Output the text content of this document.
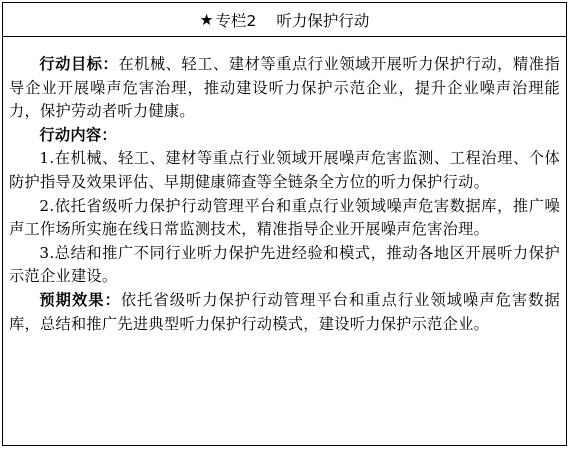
★ 专栏2 听力保护行动

行动目标：在机械、轻工、建材等重点行业领域开展听力保护行动，精准指导企业开展噪声危害治理，推动建设听力保护示范企业，提升企业噪声治理能力，保护劳动者听力健康。

行动内容：

1.在机械、轻工、建材等重点行业领域开展噪声危害监测、工程治理、个体防护指导及效果评估、早期健康筛查等全链条全方位的听力保护行动。

2.依托省级听力保护行动管理平台和重点行业领域噪声危害数据库，推广噪声工作场所实施在线日常监测技术，精准指导企业开展噪声危害治理。

3.总结和推广不同行业听力保护先进经验和模式，推动各地区开展听力保护示范企业建设。

预期效果：依托省级听力保护行动管理平台和重点行业领域噪声危害数据库，总结和推广先进典型听力保护行动模式，建设听力保护示范企业。
